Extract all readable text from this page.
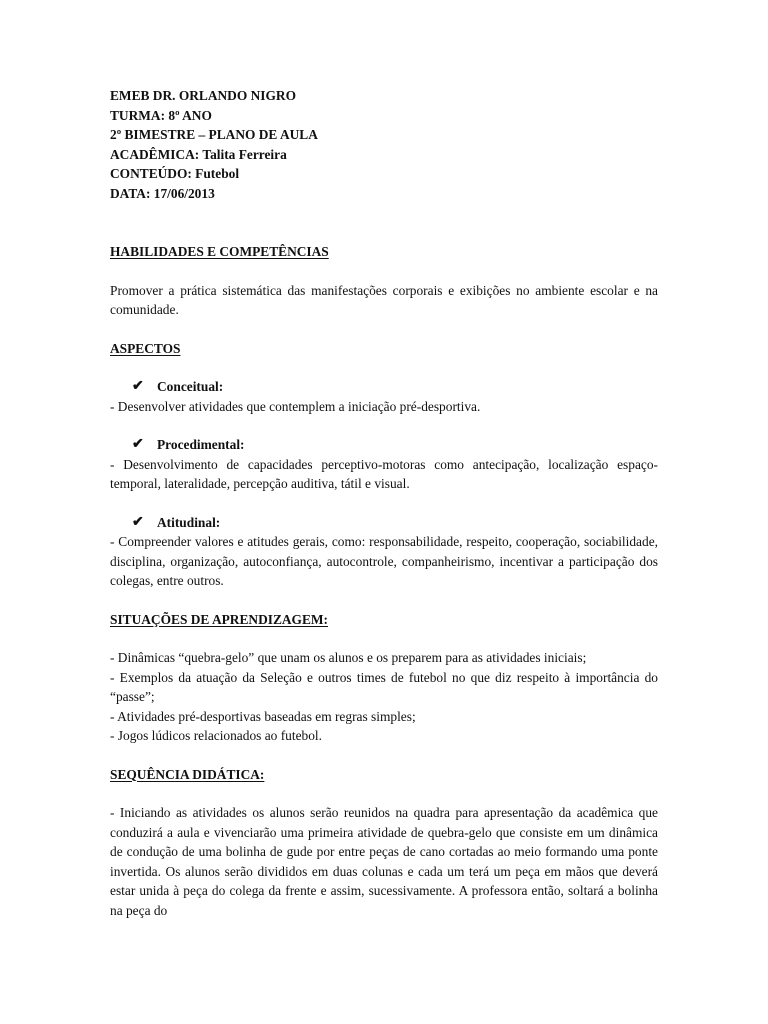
EMEB DR. ORLANDO NIGRO

TURMA: 8º ANO

2º BIMESTRE – PLANO DE AULA

ACADÊMICA: Talita Ferreira

CONTEÚDO: Futebol

DATA: 17/06/2013

HABILIDADES E COMPETÊNCIAS

Promover a prática sistemática das manifestações corporais e exibições no ambiente escolar e na comunidade.

ASPECTOS

✔ Conceitual:

- Desenvolver atividades que contemplem a iniciação pré-desportiva.

✔ Procedimental:

- Desenvolvimento de capacidades perceptivo-motoras como antecipação, localização espaço-temporal, lateralidade, percepção auditiva, tátil e visual.

✔ Atitudinal:

- Compreender valores e atitudes gerais, como: responsabilidade, respeito, cooperação, sociabilidade, disciplina, organização, autoconfiança, autocontrole, companheirismo, incentivar a participação dos colegas, entre outros.

SITUAÇÕES DE APRENDIZAGEM:

- Dinâmicas “quebra-gelo” que unam os alunos e os preparem para as atividades iniciais;

- Exemplos da atuação da Seleção e outros times de futebol no que diz respeito à importância do “passe”;

- Atividades pré-desportivas baseadas em regras simples;

- Jogos lúdicos relacionados ao futebol.

SEQUÊNCIA DIDÁTICA:

- Iniciando as atividades os alunos serão reunidos na quadra para apresentação da acadêmica que conduzirá a aula e vivenciarão uma primeira atividade de quebra-gelo que consiste em um dinâmica de condução de uma bolinha de gude por entre peças de cano cortadas ao meio formando uma ponte invertida. Os alunos serão divididos em duas colunas e cada um terá um peça em mãos que deverá estar unida à peça do colega da frente e assim, sucessivamente. A professora então, soltará a bolinha na peça do
